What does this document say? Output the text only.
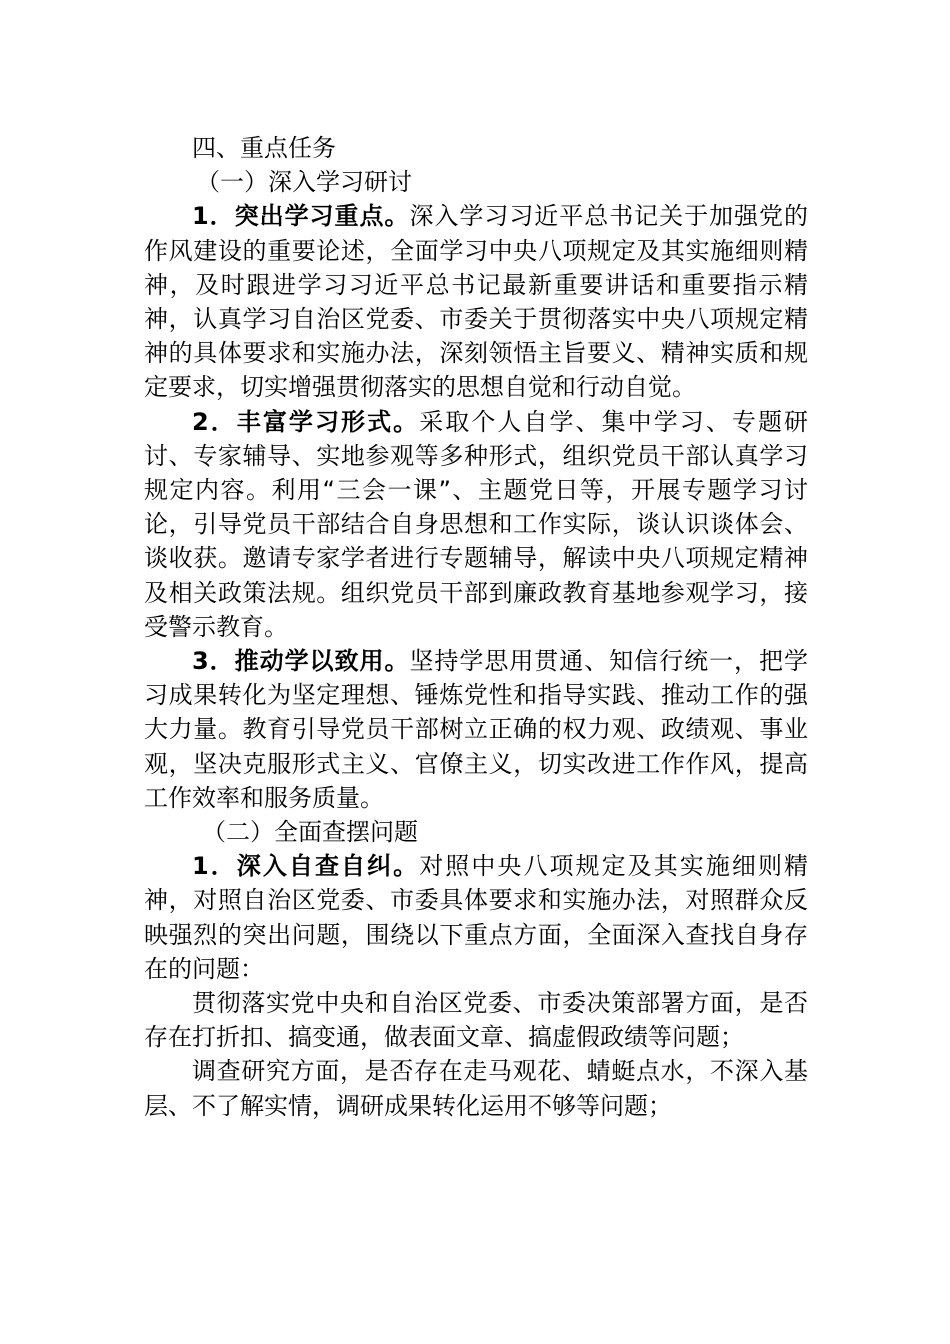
四、重点任务

（一）深入学习研讨

1．突出学习重点。深入学习习近平总书记关于加强党的作风建设的重要论述，全面学习中央八项规定及其实施细则精神，及时跟进学习习近平总书记最新重要讲话和重要指示精神，认真学习自治区党委、市委关于贯彻落实中央八项规定精神的具体要求和实施办法，深刻领悟主旨要义、精神实质和规定要求，切实增强贯彻落实的思想自觉和行动自觉。

2．丰富学习形式。采取个人自学、集中学习、专题研讨、专家辅导、实地参观等多种形式，组织党员干部认真学习规定内容。利用“三会一课”、主题党日等，开展专题学习讨论，引导党员干部结合自身思想和工作实际，谈认识谈体会、谈收获。邀请专家学者进行专题辅导，解读中央八项规定精神及相关政策法规。组织党员干部到廉政教育基地参观学习，接受警示教育。

3．推动学以致用。坚持学思用贯通、知信行统一，把学习成果转化为坚定理想、锤炼党性和指导实践、推动工作的强大力量。教育引导党员干部树立正确的权力观、政绩观、事业观，坚决克服形式主义、官僚主义，切实改进工作作风，提高工作效率和服务质量。

（二）全面查摆问题

1．深入自查自纠。对照中央八项规定及其实施细则精神，对照自治区党委、市委具体要求和实施办法，对照群众反映强烈的突出问题，围绕以下重点方面，全面深入查找自身存在的问题：

贯彻落实党中央和自治区党委、市委决策部署方面，是否存在打折扣、搞变通，做表面文章、搞虚假政绩等问题；

调查研究方面，是否存在走马观花、蜻蜓点水，不深入基层、不了解实情，调研成果转化运用不够等问题；
